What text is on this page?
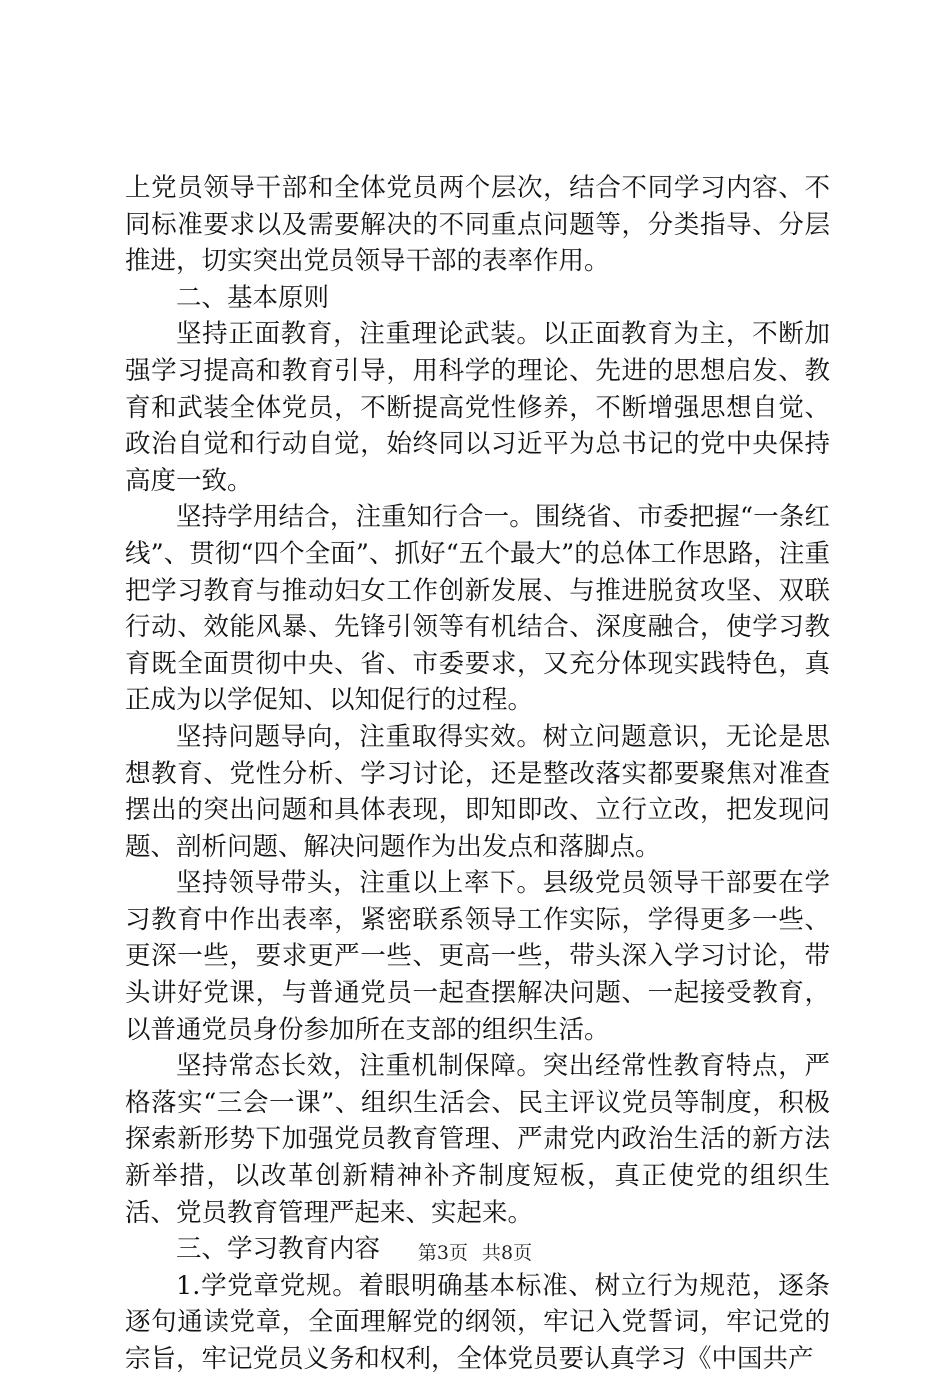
上党员领导干部和全体党员两个层次，结合不同学习内容、不同标准要求以及需要解决的不同重点问题等，分类指导、分层推进，切实突出党员领导干部的表率作用。

二、基本原则

坚持正面教育，注重理论武装。以正面教育为主，不断加强学习提高和教育引导，用科学的理论、先进的思想启发、教育和武装全体党员，不断提高党性修养，不断增强思想自觉、政治自觉和行动自觉，始终同以习近平为总书记的党中央保持高度一致。

坚持学用结合，注重知行合一。围绕省、市委把握“一条红线”、贯彻“四个全面”、抓好“五个最大”的总体工作思路，注重把学习教育与推动妇女工作创新发展、与推进脱贫攻坚、双联行动、效能风暴、先锋引领等有机结合、深度融合，使学习教育既全面贯彻中央、省、市委要求，又充分体现实践特色，真正成为以学促知、以知促行的过程。

坚持问题导向，注重取得实效。树立问题意识，无论是思想教育、党性分析、学习讨论，还是整改落实都要聚焦对准查摆出的突出问题和具体表现，即知即改、立行立改，把发现问题、剖析问题、解决问题作为出发点和落脚点。

坚持领导带头，注重以上率下。县级党员领导干部要在学习教育中作出表率，紧密联系领导工作实际，学得更多一些、更深一些，要求更严一些、更高一些，带头深入学习讨论，带头讲好党课，与普通党员一起查摆解决问题、一起接受教育，以普通党员身份参加所在支部的组织生活。

坚持常态长效，注重机制保障。突出经常性教育特点，严格落实“三会一课”、组织生活会、民主评议党员等制度，积极探索新形势下加强党员教育管理、严肃党内政治生活的新方法新举措，以改革创新精神补齐制度短板，真正使党的组织生活、党员教育管理严起来、实起来。

三、学习教育内容

1.学党章党规。着眼明确基本标准、树立行为规范，逐条逐句通读党章，全面理解党的纲领，牢记入党誓词，牢记党的宗旨，牢记党员义务和权利，全体党员要认真学习《中国共产

第3页 共8页
